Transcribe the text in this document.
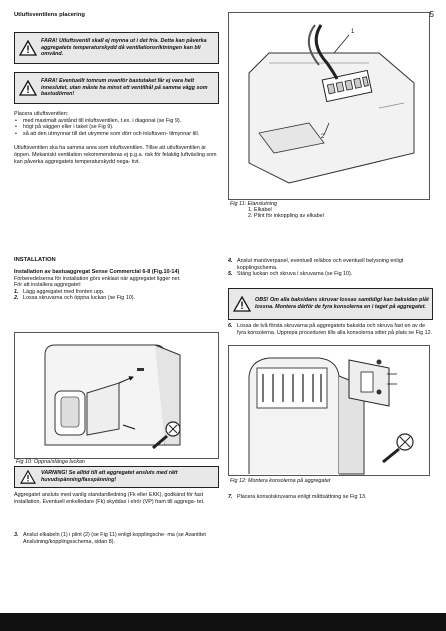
5
Utluftsventilens placering
FARA! Utluftsventil skall ej mynna ut i det fria. Detta kan påverka aggregatets temperaturskydd då ventilationsriktningen kan bli omvänd.
FARA! Eventuellt tomrum ovanför bastutaket får ej vara helt inneslutet, utan måste ha minst ett ventilhål på samma vägg som bastudörren!
Placera utluftsventilen:
• med maximalt avstånd till inluftsventilen, t.ex. i diagonal (se Fig 9).
• högt på väggen eller i taket (se Fig 9).
• så att den utmynnar till det utrymme som dörr och inluftsven- tilmynnar till.
Utluftsventilen ska ha samma area som inluftsventilen. Tillse att utluftsventilen är öppen. Mekaniskt ventilation rekommenderas ej p.g.a. risk för felaktig luftväxling som kan påverka aggregatets temperaturskydd nega- tivt.
INSTALLATION
Installation av bastuaggregat Sense Commercial 6-8 (Fig.10-14)
Förberedelserna för installation görs enklast när aggregatet ligger ner.
För att installera aggregatet:
1. Lägg aggregatet med fronten upp.
2. Lossa skruvarna och öppna luckan (se Fig 10).
Fig 10: Öppna/stänga luckan
VARNING! Se alltid till att aggregatet ansluts med rätt huvudspänning/fasspänning!
Aggregatet ansluts med vanlig standardledning (Fk eller EKK), godkänd för fast installation. Eventuell enkelledare (Fk) skyddas i elrör (VP) fram till aggrega- tet.
3. Anslut elkabeln (1) i plint (2) (se Fig 11) enligt kopplingsche- ma (se Avanittet Anslutning/kopplingsschema, sidan 8).
1
2
Fig 11: Elanslutning
1. Elkabel
2. Plint för inkoppling av elkabel
4. Anslut manöverpanel, eventuell reläbox och eventuell belysning enligt kopplingschema.
5. Stäng luckan och skruva i skruvarna (se Fig 10).
OBS! Om alla baksidans skruvar lossas samtidigt kan baksidan plåt lossna. Montera därför de fyra konsolerna en i taget på aggregatet.
6. Lossa de två första skruvarna på aggregatets baksida och skruva fast en av de fyra konsolerna. Upprepa proceduren tills alla konsolerna sitter på plats se Fig 12.
Fig 12: Montera konsolerna på aggregatet
7. Placera konsolskruvarna enligt måttsättning se Fig 13.
